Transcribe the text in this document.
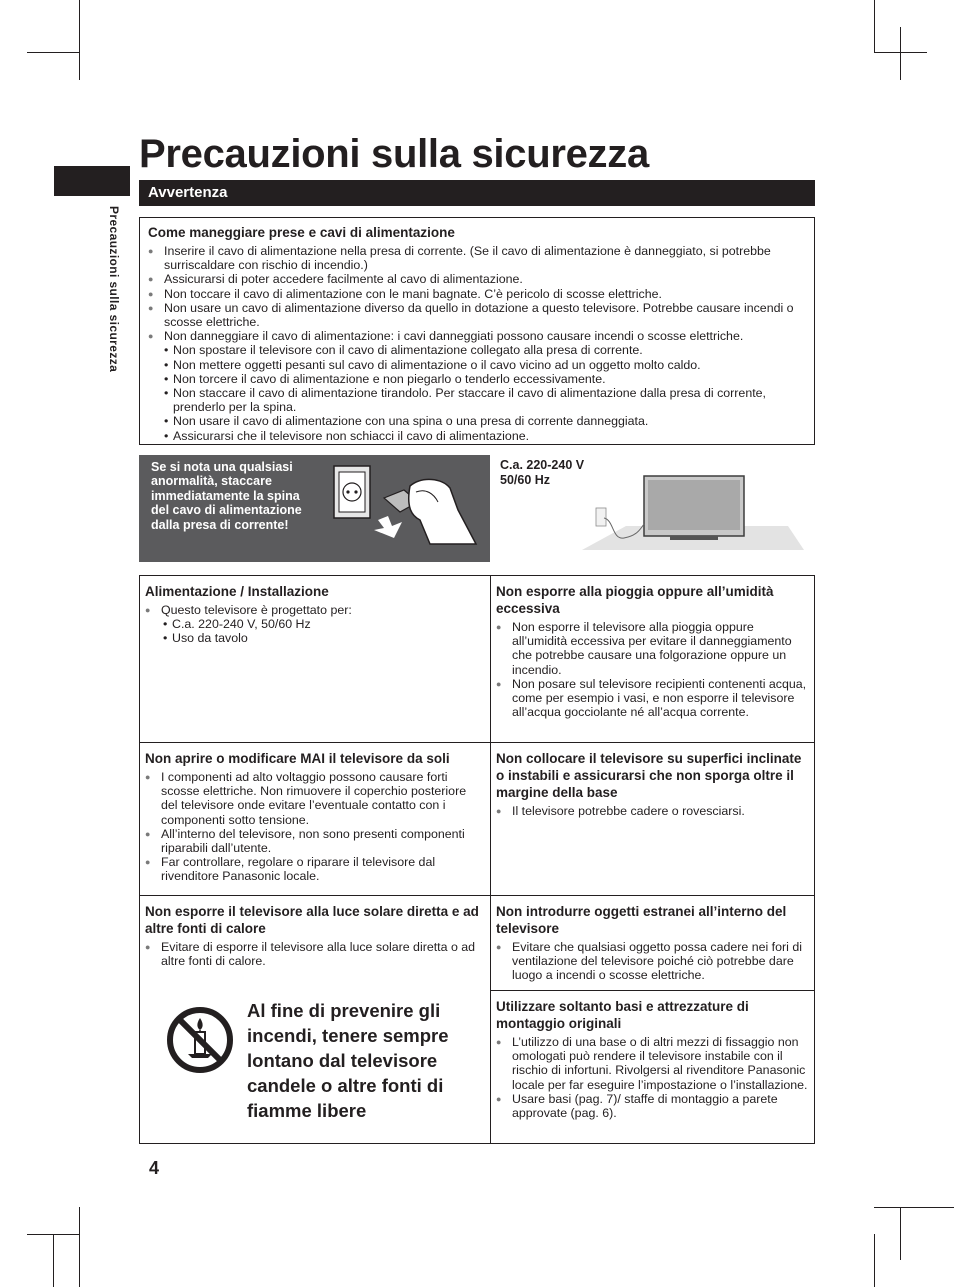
Precauzioni sulla sicurezza
Precauzioni sulla sicurezza
Avvertenza
Come maneggiare prese e cavi di alimentazione
● Inserire il cavo di alimentazione nella presa di corrente. (Se il cavo di alimentazione è danneggiato, si potrebbe surriscaldare con rischio di incendio.)
● Assicurarsi di poter accedere facilmente al cavo di alimentazione.
● Non toccare il cavo di alimentazione con le mani bagnate. C’è pericolo di scosse elettriche.
● Non usare un cavo di alimentazione diverso da quello in dotazione a questo televisore. Potrebbe causare incendi o scosse elettriche.
● Non danneggiare il cavo di alimentazione: i cavi danneggiati possono causare incendi o scosse elettriche.
• Non spostare il televisore con il cavo di alimentazione collegato alla presa di corrente.
• Non mettere oggetti pesanti sul cavo di alimentazione o il cavo vicino ad un oggetto molto caldo.
• Non torcere il cavo di alimentazione e non piegarlo o tenderlo eccessivamente.
• Non staccare il cavo di alimentazione tirandolo. Per staccare il cavo di alimentazione dalla presa di corrente, prenderlo per la spina.
• Non usare il cavo di alimentazione con una spina o una presa di corrente danneggiata.
• Assicurarsi che il televisore non schiacci il cavo di alimentazione.
Se si nota una qualsiasi anormalità, staccare immediatamente la spina del cavo di alimentazione dalla presa di corrente!
C.a. 220-240 V
50/60 Hz
Alimentazione / Installazione
● Questo televisore è progettato per:
• C.a. 220-240 V, 50/60 Hz
• Uso da tavolo
Non esporre alla pioggia oppure all’umidità eccessiva
● Non esporre il televisore alla pioggia oppure all’umidità eccessiva per evitare il danneggiamento che potrebbe causare una folgorazione oppure un incendio.
● Non posare sul televisore recipienti contenenti acqua, come per esempio i vasi, e non esporre il televisore all’acqua gocciolante né all’acqua corrente.
Non aprire o modificare MAI il televisore da soli
● I componenti ad alto voltaggio possono causare forti scosse elettriche. Non rimuovere il coperchio posteriore del televisore onde evitare l’eventuale contatto con i componenti sotto tensione.
● All’interno del televisore, non sono presenti componenti riparabili dall’utente.
● Far controllare, regolare o riparare il televisore dal rivenditore Panasonic locale.
Non collocare il televisore su superfici inclinate o instabili e assicurarsi che non sporga oltre il margine della base
● Il televisore potrebbe cadere o rovesciarsi.
Non esporre il televisore alla luce solare diretta e ad altre fonti di calore
● Evitare di esporre il televisore alla luce solare diretta o ad altre fonti di calore.
Non introdurre oggetti estranei all’interno del televisore
● Evitare che qualsiasi oggetto possa cadere nei fori di ventilazione del televisore poiché ciò potrebbe dare luogo a incendi o scosse elettriche.
Utilizzare soltanto basi e attrezzature di montaggio originali
● L’utilizzo di una base o di altri mezzi di fissaggio non omologati può rendere il televisore instabile con il rischio di infortuni. Rivolgersi al rivenditore Panasonic locale per far eseguire l’impostazione o l’installazione.
● Usare basi (pag. 7)/ staffe di montaggio a parete approvate (pag. 6).
Al fine di prevenire gli incendi, tenere sempre lontano dal televisore candele o altre fonti di fiamme libere
4
